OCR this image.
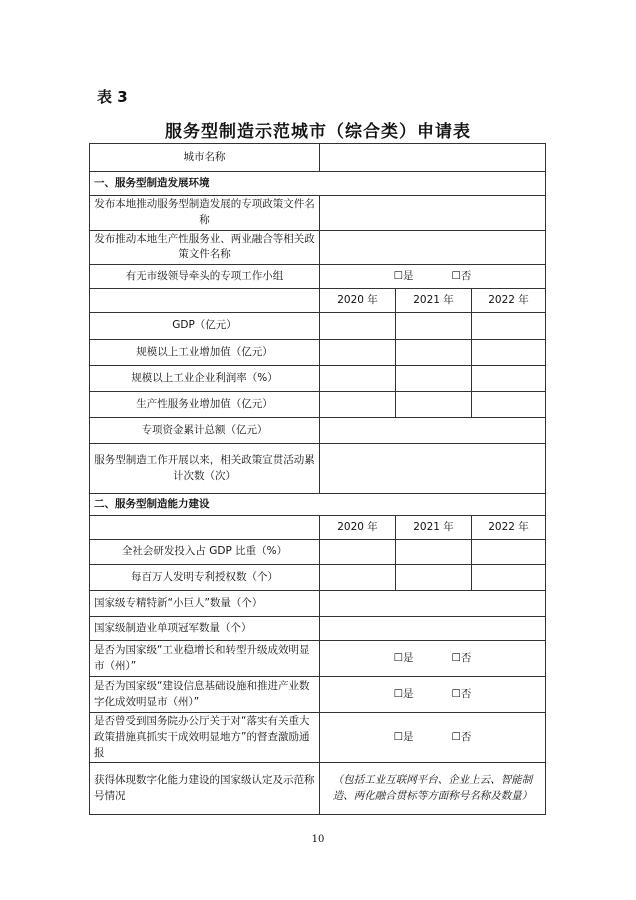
表 3
服务型制造示范城市（综合类）申请表
城市名称			
一、服务型制造发展环境			
发布本地推动服务型制造发展的专项政策文件名称			
发布推动本地生产性服务业、两业融合等相关政策文件名称			
有无市级领导牵头的专项工作小组	☐是 ☐否		
	2020 年	2021 年	2022 年
GDP（亿元）			
规模以上工业增加值（亿元）			
规模以上工业企业利润率（%）			
生产性服务业增加值（亿元）			
专项资金累计总额（亿元）			
服务型制造工作开展以来，相关政策宣贯活动累计次数（次）			
二、服务型制造能力建设			
	2020 年	2021 年	2022 年
全社会研发投入占 GDP 比重（%）			
每百万人发明专利授权数（个）			
国家级专精特新“小巨人”数量（个）			
国家级制造业单项冠军数量（个）			
是否为国家级“工业稳增长和转型升级成效明显市（州）”	☐是 ☐否		
是否为国家级“建设信息基础设施和推进产业数字化成效明显市（州）”	☐是 ☐否		
是否曾受到国务院办公厅关于对“落实有关重大政策措施真抓实干成效明显地方”的督查激励通报	☐是 ☐否		
获得体现数字化能力建设的国家级认定及示范称号情况	（包括工业互联网平台、企业上云、智能制造、两化融合贯标等方面称号名称及数量）		
10
